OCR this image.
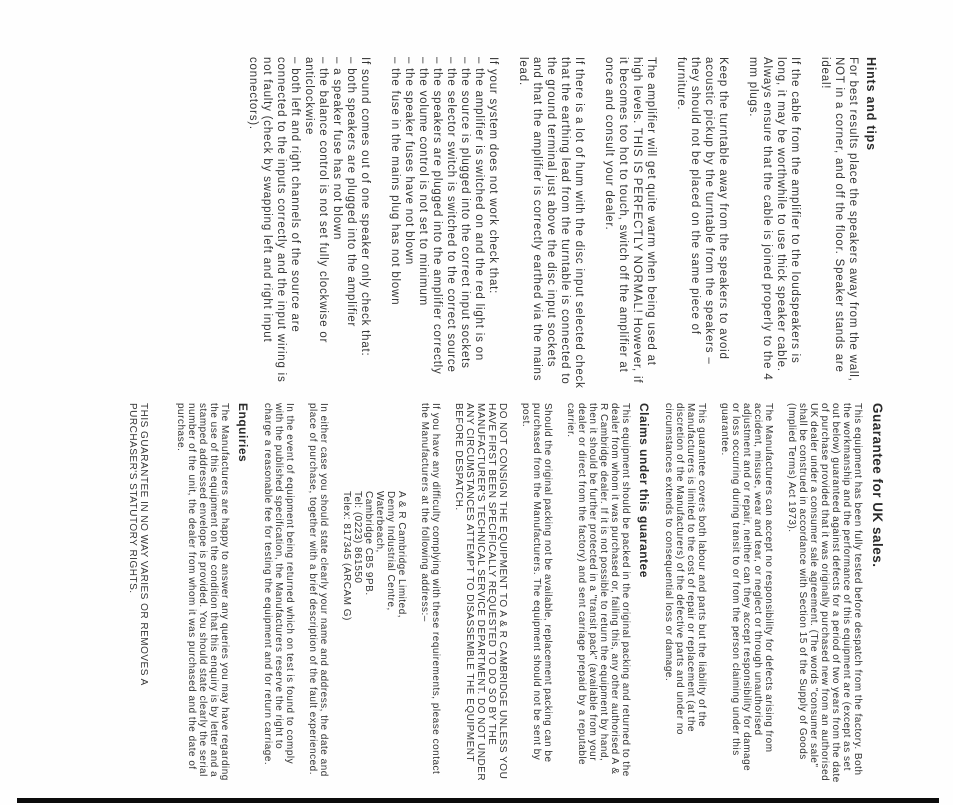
Hints and tips
For best results place the speakers away from the wall, NOT in a corner, and off the floor. Speaker stands are ideal!
If the cable from the amplifier to the loudspeakers is long, it may be worthwhile to use thick speaker cable. Always ensure that the cable is joined properly to the 4 mm plugs.
Keep the turntable away from the speakers to avoid acoustic pickup by the turntable from the speakers – they should not be placed on the same piece of furniture.
The amplifier will get quite warm when being used at high levels. THIS IS PERFECTLY NORMAL! However, if it becomes too hot to touch, switch off the amplifier at once and consult your dealer.
If there is a lot of hum with the disc input selected check that the earthing lead from the turntable is connected to the ground terminal just above the disc input sockets and that the amplifier is correctly earthed via the mains lead.
If your system does not work check that:
– the amplifier is switched on and the red light is on
– the source is plugged into the correct input sockets
– the selector switch is switched to the correct source
– the speakers are plugged into the amplifier correctly
– the volume control is not set to minimum
– the speaker fuses have not blown
– the fuse in the mains plug has not blown
If sound comes out of one speaker only check that:
– both speakers are plugged into the amplifier
– a speaker fuse has not blown
– the balance control is not set fully clockwise or anticlockwise
– both left and right channels of the source are connected to the inputs correctly and the input wiring is not faulty (check by swapping left and right input connectors).
Guarantee for UK sales.
This equipment has been fully tested before despatch from the factory. Both the workmanship and the performance of this equipment are (except as set out below) guaranteed against defects for a period of two years from the date of purchase provided that it was originally purchased new from an authorised UK dealer under a consumer sale agreement. (The words "consumer sale" shall be construed in accordance with Section 15 of the Supply of Goods (Implied Terms) Act 1973).
The Manufacturers can accept no responsibility for defects arising from accident, misuse, wear and tear, or neglect or through unauthorised adjustment and or repair, neither can they accept responsibility for damage or loss occurring during transit to or from the person claiming under this guarantee.
This guarantee covers both labour and parts but the liability of the Manufacturers is limited to the cost of repair or replacement (at the discretion of the Manufacturers) of the defective parts and under no circumstances extends to consequential loss or damage.
Claims under this guarantee
This equipment should be packed in the original packing and returned to the dealer from whom it was purchased or, failing this, any other authorised A & R Cambridge dealer. If it is not possible to return the equipment by hand, then it should be further protected in a "transit pack" (available from your dealer or direct from the factory) and sent carriage prepaid by a reputable carrier.
Should the original packing not be available, replacement packing can be purchased from the Manufacturers. The equipment should not be sent by post.
DO NOT CONSIGN THE EQUIPMENT TO A & R CAMBRIDGE UNLESS YOU HAVE FIRST BEEN SPECIFICALLY REQUESTED TO DO SO BY THE MANUFACTURER'S TECHNICAL SERVICE DEPARTMENT. DO NOT UNDER ANY CIRCUMSTANCES ATTEMPT TO DISASSEMBLE THE EQUIPMENT BEFORE DESPATCH.
If you have any difficulty complying with these requirements, please contact the Manufacturers at the following address:–
A & R Cambridge Limited,
Denny Industrial Centre,
Waterbeach,
Cambridge CB5 9PB.
Tel: (0223) 861550
Telex: 817345 (ARCAM G)
In either case you should state clearly your name and address, the date and place of purchase, together with a brief description of the fault experienced.
In the event of equipment being returned which on test is found to comply with the published specification, the Manufacturers reserve the right to charge a reasonable fee for testing the equipment and for return carriage.
Enquiries
The Manufacturers are happy to answer any queries you may have regarding the use of this equipment on the condition that this enquiry is by letter and a stamped addressed envelope is provided. You should state clearly the serial number of the unit, the dealer from whom it was purchased and the date of purchase.
THIS GUARANTEE IN NO WAY VARIES OR REMOVES A
PURCHASER'S STATUTORY RIGHTS.
